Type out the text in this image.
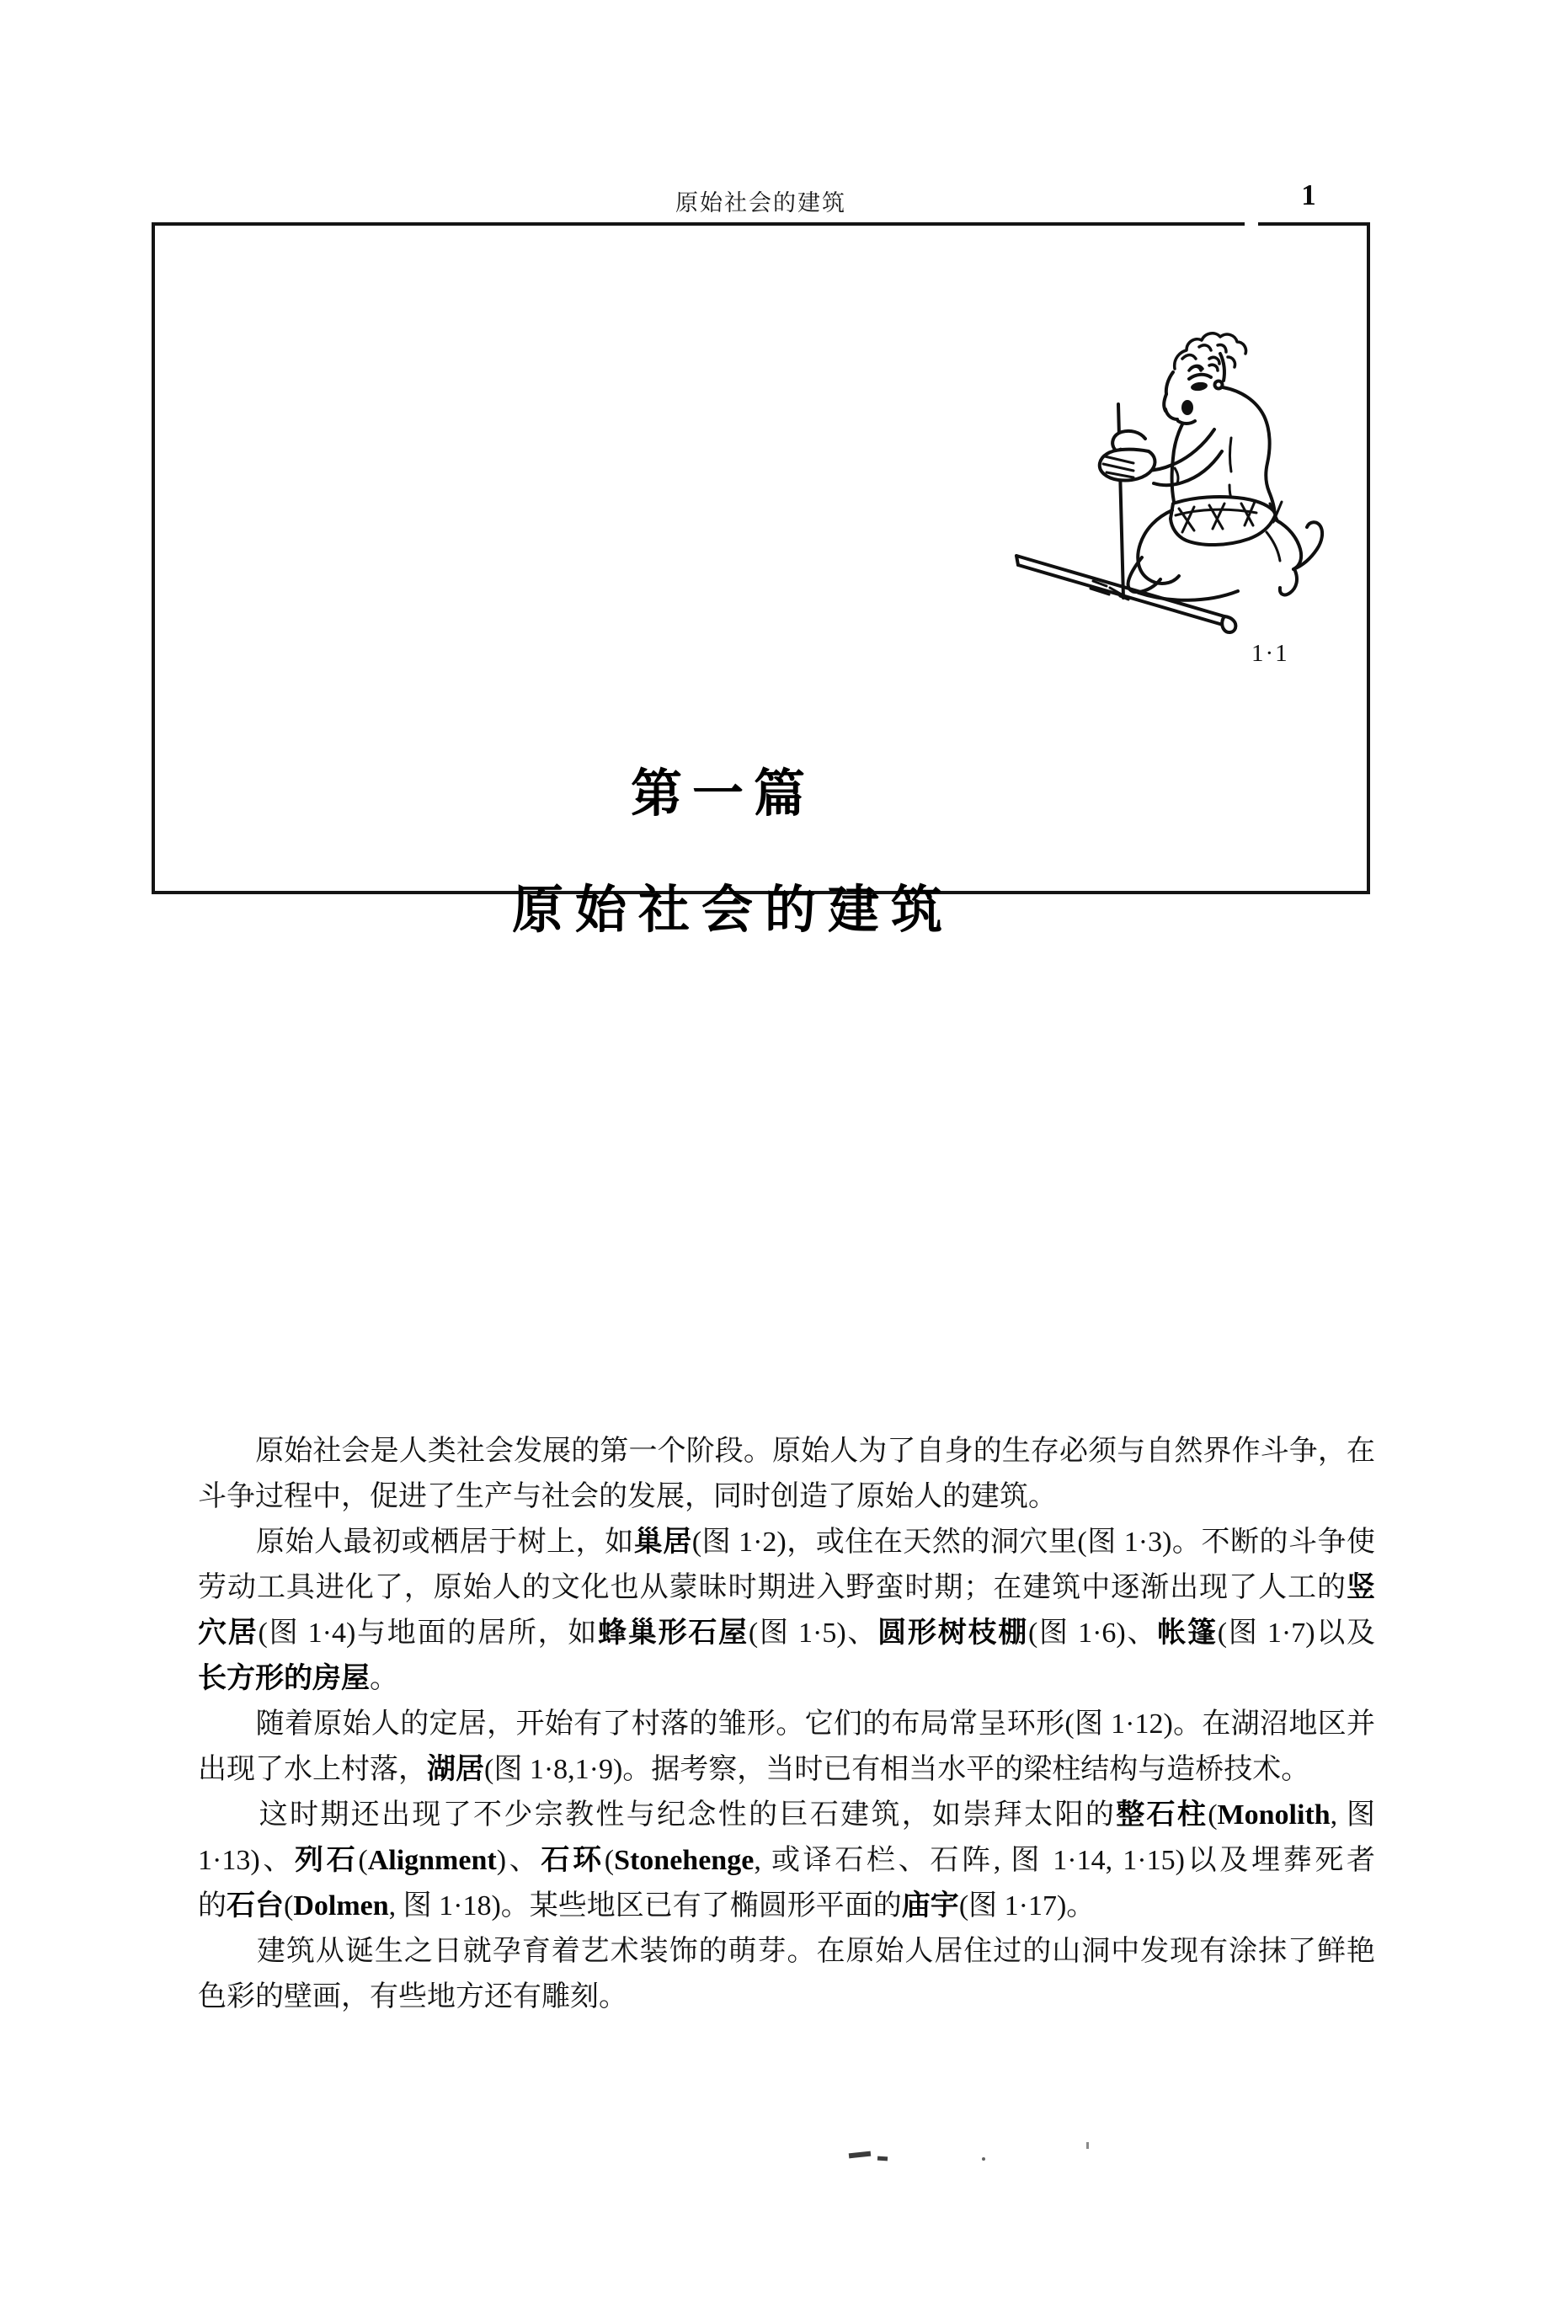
原始社会的建筑	1
第一篇
原始社会的建筑
1·1
　　原始社会是人类社会发展的第一个阶段。原始人为了自身的生存必须与自然界作斗争，在
斗争过程中，促进了生产与社会的发展，同时创造了原始人的建筑。
　　原始人最初或栖居于树上，如巢居(图 1·2)，或住在天然的洞穴里(图 1·3)。不断的斗争使
劳动工具进化了，原始人的文化也从蒙昧时期进入野蛮时期；在建筑中逐渐出现了人工的竖
穴居(图 1·4)与地面的居所，如蜂巢形石屋(图 1·5)、圆形树枝棚(图 1·6)、帐篷(图 1·7)以及
长方形的房屋。
　　随着原始人的定居，开始有了村落的雏形。它们的布局常呈环形(图 1·12)。在湖沼地区并
出现了水上村落，湖居(图 1·8,1·9)。据考察，当时已有相当水平的梁柱结构与造桥技术。
　　这时期还出现了不少宗教性与纪念性的巨石建筑，如崇拜太阳的整石柱(Monolith, 图
1·13)、列石(Alignment)、石环(Stonehenge, 或译石栏、石阵, 图 1·14, 1·15)以及埋葬死者
的石台(Dolmen, 图 1·18)。某些地区已有了椭圆形平面的庙宇(图 1·17)。
　　建筑从诞生之日就孕育着艺术装饰的萌芽。在原始人居住过的山洞中发现有涂抹了鲜艳
色彩的壁画，有些地方还有雕刻。
